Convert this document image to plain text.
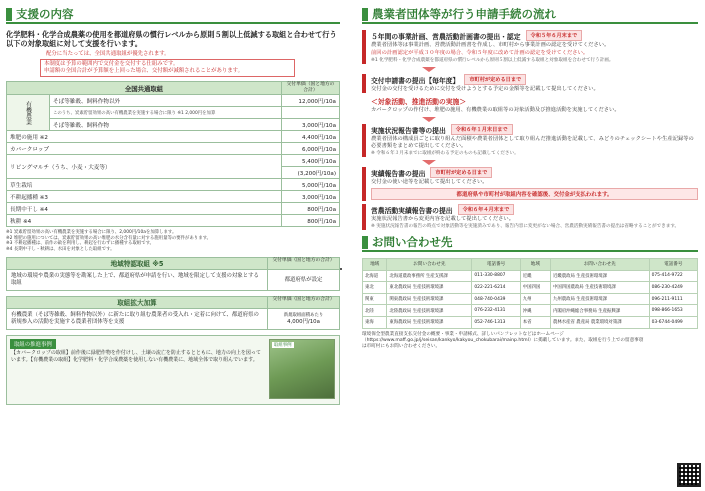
支援の内容
化学肥料・化学合成農薬の使用を都道府県の慣行レベルから原則５割以上低減する取組と合わせて行う以下の対象取組に対して支援を行います。
配分に当たっては、全国共通取組が優先されます。
本制度は予算の範囲内で交付金を交付する仕組みです。
申請額の全国合計が予算額を上回った場合、交付額が減額されることがあります。
全国共通取組		交付単価（国と地方の合計）
有機農業	そば等雑穀、飼料作物以外	12,000円/10a
	このうち、炭素貯留効果の高い有機農業を実施する場合に限り ※1 2,000円を加算	
	そば等雑穀、飼料作物	3,000円/10a
堆肥の施用 ※2		4,400円/10a
カバークロップ		6,000円/10a
リビングマルチ（うち、小麦・大麦等）		5,400円/10a
		(3,200円/10a)
草生栽培		5,000円/10a
不耕起播種 ※3		3,000円/10a
長期中干し ※4		800円/10a
秋耕 ※4		800円/10a
※1 炭素貯留効果の高い有機農業を実施する場合に限り、2,000円/10aを加算します。
※2 堆肥の施用については、炭素貯留効果の高い堆肥の水分含有量に対する施用量等の要件があります。
※3 不耕起播種は、前作の畝を利用し、耕起を行わずに播種する取組です。
※4 長期中干し・秋耕は、水田を対象とした取組です。
地域特認取組 ※5	交付単価（国と地方の合計）
地域の環境や農業の実態等を勘案した上で、都道府県が申請を行い、地域を限定して支援の対象とする取組
都道府県が設定
取組拡大加算	交付単価（国と地方の合計）
有機農業（そば等雑穀、飼料作物以外）に新たに取り組む農業者の受入れ・定着に向けて、都道府県の新規参入の活動を実施する農業者団体等を支援
新規取組面積あたり
4,000円/10a
取組の推進事例
【カバークロップの取組】前作後に緑肥作物を作付けし、土壌の流亡を防止するとともに、地力の向上を図っています。【有機農業の取組】化学肥料・化学合成農薬を使用しない有機農業に、地域全体で取り組んでいます。
取組事例
農業者団体等が行う申請手続の流れ
５年間の事業計画、営農活動計画書の提出・認定	令和５年６月末まで
農業者団体等は事業計画、営農活動計画書を作成し、市町村から事業計画の認定を受けてください。
前回の計画認定が平成３０年度の場合、令和５年度に改めて計画の認定を受けてください。
※1 化学肥料・化学合成農薬を都道府県の慣行レベルから原則５割以上低減する取組と対象取組を合わせて行う計画。
交付申請書の提出【毎年度】	市町村が定める日まで
交付金の交付を受けるために交付を受けようとする予定の金額等を記載して提出してください。
＜対象活動、推進活動の実施＞
カバークロップの作付け、堆肥の施用、有機農業の取組等の対象活動及び推進活動を実施してください。
実施状況報告書等の提出	令和６年１月末日まで
農業者団体の構成員ごとに取り組んだ面積や農業者団体として取り組んだ推進活動を記載して、みどりのチェックシートや生産記録等の必要書類をまとめて提出してください。
※ 令和６年３月末までに取組が終わる予定のものも記載してください。
実績報告書の提出	市町村が定める日まで
交付金の使い途等を記載して提出してください。
都道府県や市町村が取組内容を確認後、交付金が支払われます。
営農活動実績報告書の提出	令和６年４月末まで
実施状況報告書から変更内容を記載して提出してください。
※ 実施状況報告書の報告の時点で対象活動等を実施済みであり、報告内容に変更がない場合、営農活動実績報告書の提出は省略することができます。
お問い合わせ先
地域	お問い合わせ先	電話番号	地域	お問い合わせ先	電話番号
北海道	北海道農政事務所 生産支援課	011-330-8807	近畿	近畿農政局 生産技術環境課	075-414-9722
東北	東北農政局 生産技術環境課	022-221-6214	中国四国	中国四国農政局 生産技術環境課	086-230-4249
関東	関東農政局 生産技術環境課	048-740-0439	九州	九州農政局 生産技術環境課	096-211-9111
北陸	北陸農政局 生産技術環境課	076-232-4131	沖縄	内閣府沖縄総合事務局 生産振興課	098-866-1653
東海	東海農政局 生産技術環境課	052-746-1313	本省	農林水産省 農産局 農業環境対策課	03-6744-0499
環境保全型農業直接支払交付金の概要・事業・申請様式、詳しいパンフレットなどはホームページ（https://www.maff.go.jp/j/seisan/kankyo/kakyou_chokubarai/mainp.html）に掲載しています。また、取組を行う上での留意事項は市町村にもお問い合わせください。
